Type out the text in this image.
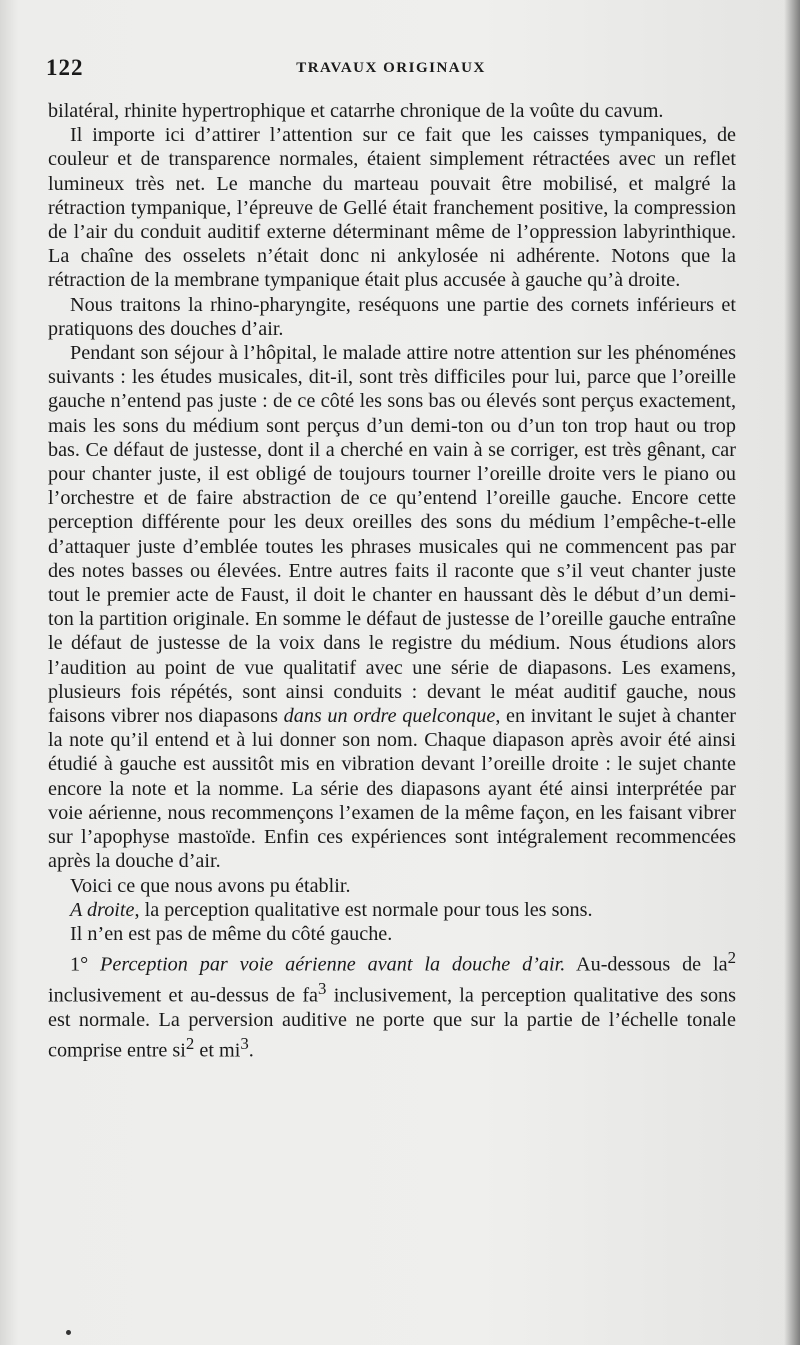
122	TRAVAUX ORIGINAUX

bilatéral, rhinite hypertrophique et catarrhe chronique de la voûte du cavum.

Il importe ici d’attirer l’attention sur ce fait que les caisses tympaniques, de couleur et de transparence normales, étaient simplement rétractées avec un reflet lumineux très net. Le manche du marteau pouvait être mobilisé, et malgré la rétraction tympanique, l’épreuve de Gellé était franchement positive, la compression de l’air du conduit auditif externe déterminant même de l’oppression labyrinthique. La chaîne des osselets n’était donc ni ankylosée ni adhérente. Notons que la rétraction de la membrane tympanique était plus accusée à gauche qu’à droite.

Nous traitons la rhino-pharyngite, reséquons une partie des cornets inférieurs et pratiquons des douches d’air.

Pendant son séjour à l’hôpital, le malade attire notre attention sur les phénoménes suivants : les études musicales, dit-il, sont très difficiles pour lui, parce que l’oreille gauche n’entend pas juste : de ce côté les sons bas ou élevés sont perçus exactement, mais les sons du médium sont perçus d’un demi-ton ou d’un ton trop haut ou trop bas. Ce défaut de justesse, dont il a cherché en vain à se corriger, est très gênant, car pour chanter juste, il est obligé de toujours tourner l’oreille droite vers le piano ou l’orchestre et de faire abstraction de ce qu’entend l’oreille gauche. Encore cette perception différente pour les deux oreilles des sons du médium l’empêche-t-elle d’attaquer juste d’emblée toutes les phrases musicales qui ne commencent pas par des notes basses ou élevées. Entre autres faits il raconte que s’il veut chanter juste tout le premier acte de Faust, il doit le chanter en haussant dès le début d’un demi-ton la partition originale. En somme le défaut de justesse de l’oreille gauche entraîne le défaut de justesse de la voix dans le registre du médium. Nous étudions alors l’audition au point de vue qualitatif avec une série de diapasons. Les examens, plusieurs fois répétés, sont ainsi conduits : devant le méat auditif gauche, nous faisons vibrer nos diapasons dans un ordre quelconque, en invitant le sujet à chanter la note qu’il entend et à lui donner son nom. Chaque diapason après avoir été ainsi étudié à gauche est aussitôt mis en vibration devant l’oreille droite : le sujet chante encore la note et la nomme. La série des diapasons ayant été ainsi interprétée par voie aérienne, nous recommençons l’examen de la même façon, en les faisant vibrer sur l’apophyse mastoïde. Enfin ces expériences sont intégralement recommencées après la douche d’air.

Voici ce que nous avons pu établir.

A droite, la perception qualitative est normale pour tous les sons.

Il n’en est pas de même du côté gauche.

1° Perception par voie aérienne avant la douche d’air. Au-dessous de $la^2$ inclusivement et au-dessus de $fa^3$ inclusivement, la perception qualitative des sons est normale. La perversion auditive ne porte que sur la partie de l’échelle tonale comprise entre $si^2$ et $mi^3$.
